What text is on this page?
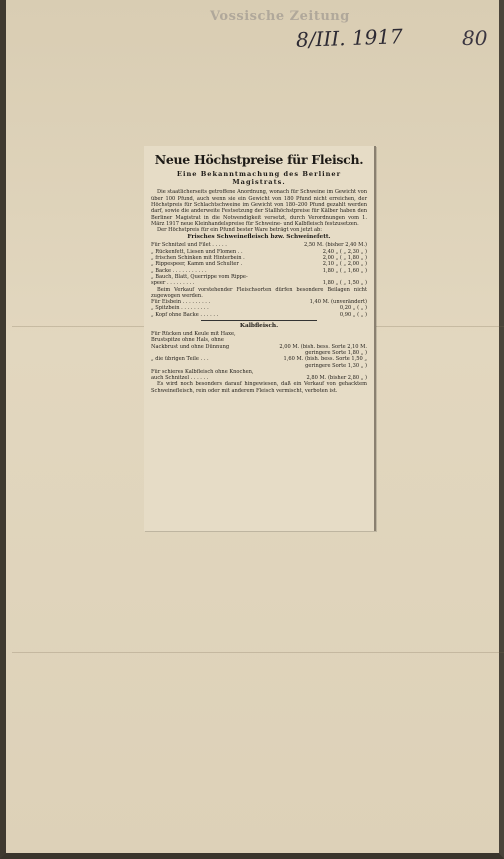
Vossische Zeitung
8/III. 1917	80
Neue Höchstpreise für Fleisch.
Eine Bekanntmachung des Berliner
Magistrats.

Die staatlicherseits getroffene Anordnung, wonach für Schweine im Gewicht von über 100 Pfund, auch wenn sie ein Gewicht von 180 Pfund nicht erreichen, der Höchstpreis für Schlachtschweine im Gewicht von 180–200 Pfund gezahlt werden darf, sowie die anderweite Festsetzung der Stallhöchstpreise für Kälber haben den Berliner Magistrat in die Notwendigkeit versetzt, durch Verordnungen vom 1. März 1917 neue Kleinhandelspreise für Schweine- und Kalbfleisch festzusetzen.

Der Höchstpreis für ein Pfund bester Ware beträgt von jetzt ab:

Frisches Schweinefleisch bzw. Schweinefett.
Für Schnitzel und Filet . . . . .	2,50 M. (bisher 2,40 M.)
„ Rückenfett, Liesen und Flomen . .	2,40 „ ( „ 2,30 „ )
„ frischen Schinken mit Hinterbein .	2,00 „ ( „ 1,80 „ )
„ Rippespeer, Kamm und Schulter .	2,10 „ ( „ 2,00 „ )
„ Backe . . . . . . . . . . .	1,80 „ ( „ 1,60 „ )
„ Bauch, Blatt, Querrippe vom Rippe-
speer . . . . . . . . .	1,80 „ ( „ 1,50 „ )

Beim Verkauf vorstehender Fleischsorten dürfen besondere Beilagen nicht zugewogen werden.

Für Eisbein . . . . . . . . .	1,40 M. (unverändert)
„ Spitzbein . . . . . . . . .	0,20 „ ( „ )
„ Kopf ohne Backe . . . . . .	0,90 „ ( „ )
Kalbfleisch.
Für Rücken und Keule mit Haxe,
Brustspitze ohne Hals, ohne
Nackbrust und ohne Dünnung	2,00 M. (bish. bess. Sorte 2,10 M.
geringere Sorte 1,80 „ )
„ die übrigen Teile . . .	1,60 M. (bish. bess. Sorte 1,50 „
geringere Sorte 1,30 „ )
Für schieres Kalbfleisch ohne Knochen,
auch Schnitzel . . . . . .	2,80 M. (bisher 2,80 „ )

Es wird noch besonders darauf hingewiesen, daß ein Verkauf von gehacktem Schweinefleisch, rein oder mit anderem Fleisch vermischt, verboten ist.
